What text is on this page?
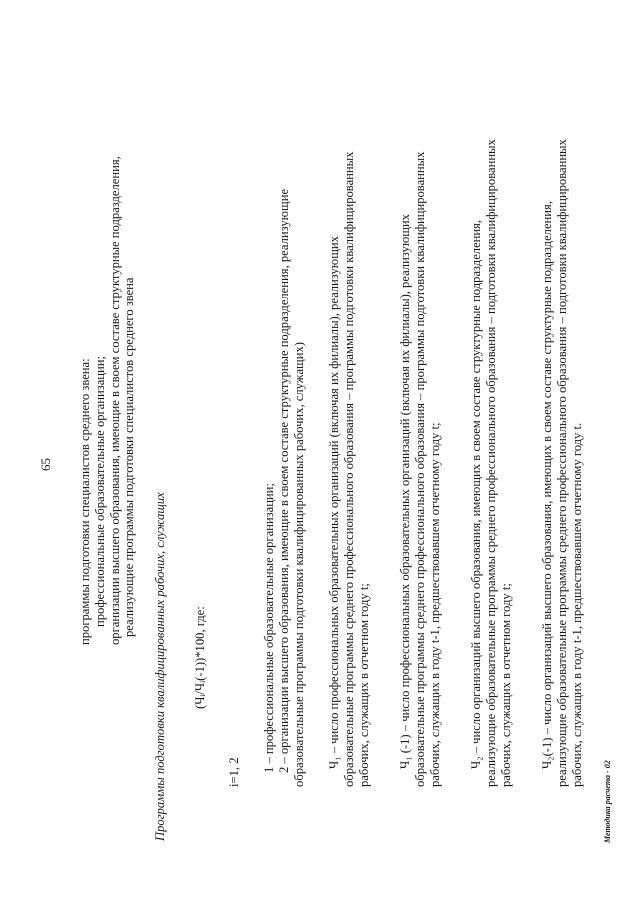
65 программы подготовки специалистов среднего звена: профессиональные образовательные организации; организации высшего образования, имеющие в своем составе структурные подразделения, реализующие программы подготовки специалистов среднего звена

Программы подготовки квалифицированных рабочих, служащих (Чᵢ/Чᵢ(-1))*100, где:
i=1, 2 1 – профессиональные образовательные организации; 2 – организации высшего образования, имеющие в своем составе структурные подразделения, реализующие образовательные программы подготовки квалифицированных рабочих, служащих) Ч₁ – число профессиональных образовательных организаций (включая их филиалы), реализующих образовательные программы среднего профессионального образования – программы подготовки квалифицированных рабочих, служащих в отчетном году t; Ч₁ (-1) – число профессиональных образовательных организаций (включая их филиалы), реализующих образовательные программы среднего профессионального образования – программы подготовки квалифицированных рабочих, служащих в году t-1, предшествовавшем отчетному году t; Ч₂ – число организаций высшего образования, имеющих в своем составе структурные подразделения, реализующие образовательные программы среднего профессионального образования – подготовки квалифицированных рабочих, служащих в отчетном году t; Ч₂(-1) – число организаций высшего образования, имеющих в своем составе структурные подразделения, реализующие образовательные программы среднего профессионального образования – подготовки квалифицированных рабочих, служащих в году t-1, предшествовавшем отчетному году t.

Методика расчета - 02
